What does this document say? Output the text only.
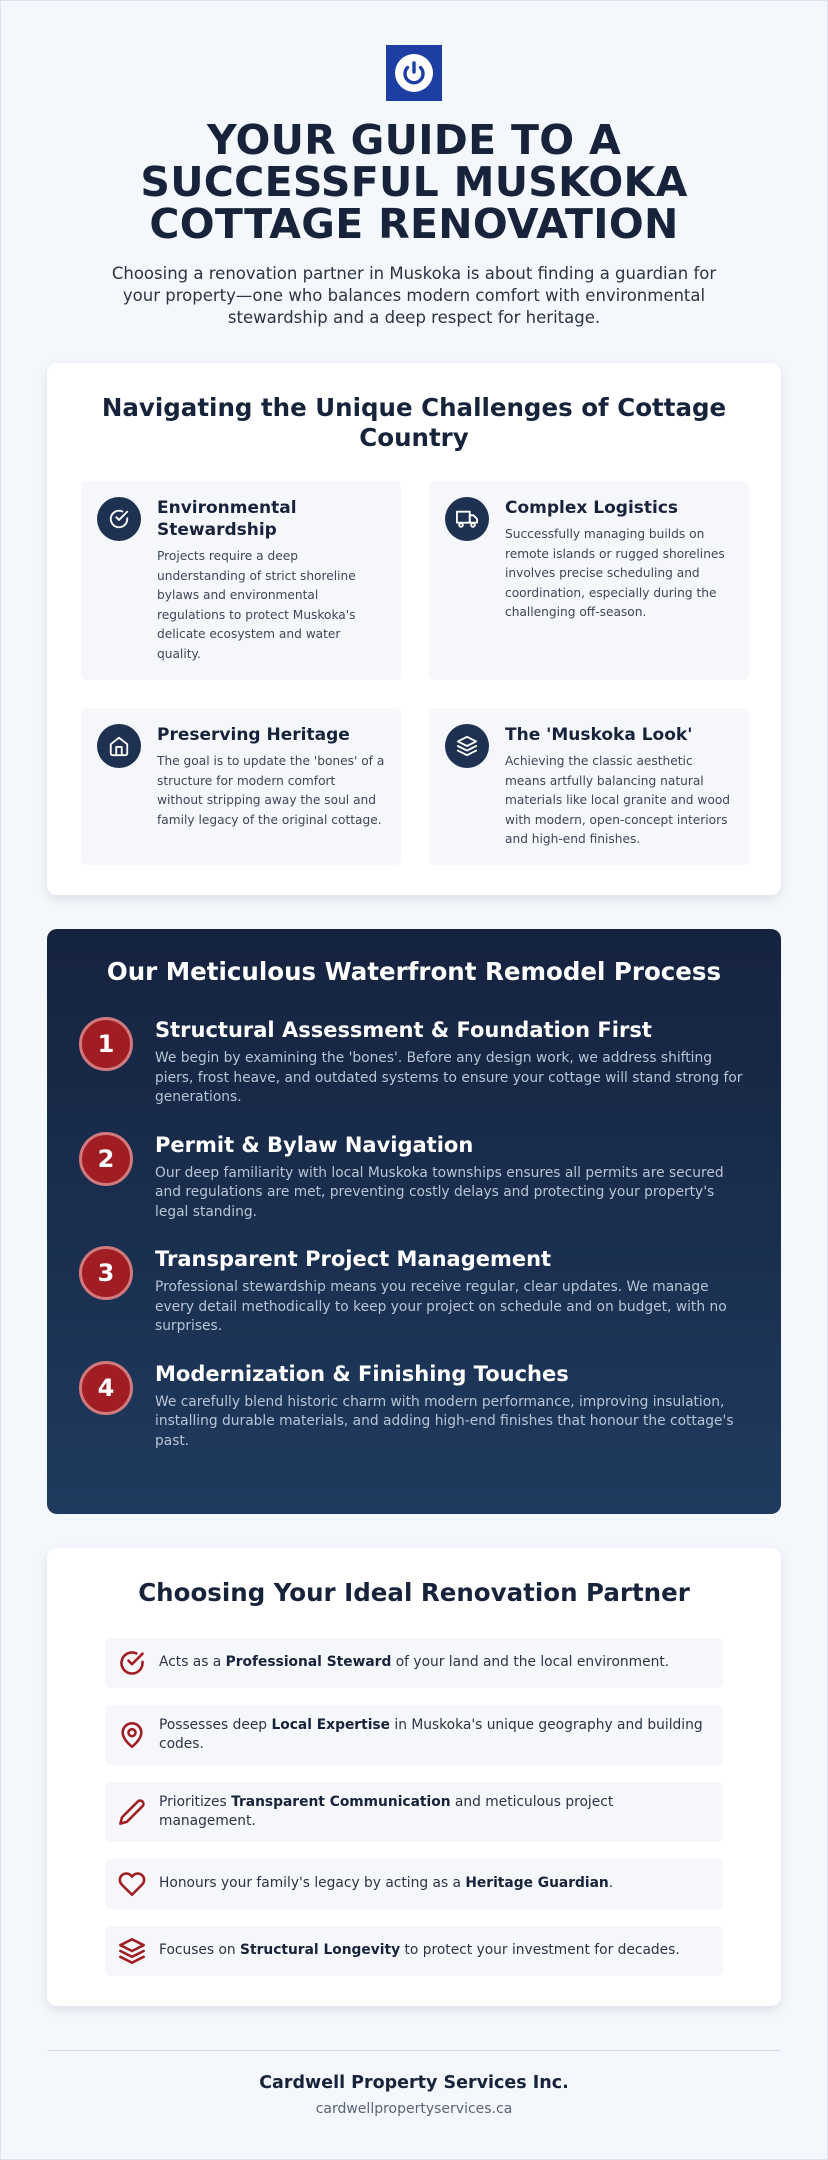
YOUR GUIDE TO A SUCCESSFUL MUSKOKA COTTAGE RENOVATION

Choosing a renovation partner in Muskoka is about finding a guardian for your property—one who balances modern comfort with environmental stewardship and a deep respect for heritage.

Navigating the Unique Challenges of Cottage Country
Environmental Stewardship

Projects require a deep understanding of strict shoreline bylaws and environmental regulations to protect Muskoka's delicate ecosystem and water quality.

Complex Logistics

Successfully managing builds on remote islands or rugged shorelines involves precise scheduling and coordination, especially during the challenging off-season.

Preserving Heritage

The goal is to update the 'bones' of a structure for modern comfort without stripping away the soul and family legacy of the original cottage.

The 'Muskoka Look'

Achieving the classic aesthetic means artfully balancing natural materials like local granite and wood with modern, open-concept interiors and high-end finishes.

Our Meticulous Waterfront Remodel Process
1	Structural Assessment & Foundation First

We begin by examining the 'bones'. Before any design work, we address shifting piers, frost heave, and outdated systems to ensure your cottage will stand strong for generations.

2	Permit & Bylaw Navigation

Our deep familiarity with local Muskoka townships ensures all permits are secured and regulations are met, preventing costly delays and protecting your property's legal standing.

3	Transparent Project Management

Professional stewardship means you receive regular, clear updates. We manage every detail methodically to keep your project on schedule and on budget, with no surprises.

4	Modernization & Finishing Touches

We carefully blend historic charm with modern performance, improving insulation, installing durable materials, and adding high-end finishes that honour the cottage's past.

Choosing Your Ideal Renovation Partner
Acts as a Professional Steward of your land and the local environment.
Possesses deep Local Expertise in Muskoka's unique geography and building codes.
Prioritizes Transparent Communication and meticulous project management.
Honours your family's legacy by acting as a Heritage Guardian.
Focuses on Structural Longevity to protect your investment for decades.
Cardwell Property Services Inc.
cardwellpropertyservices.ca
